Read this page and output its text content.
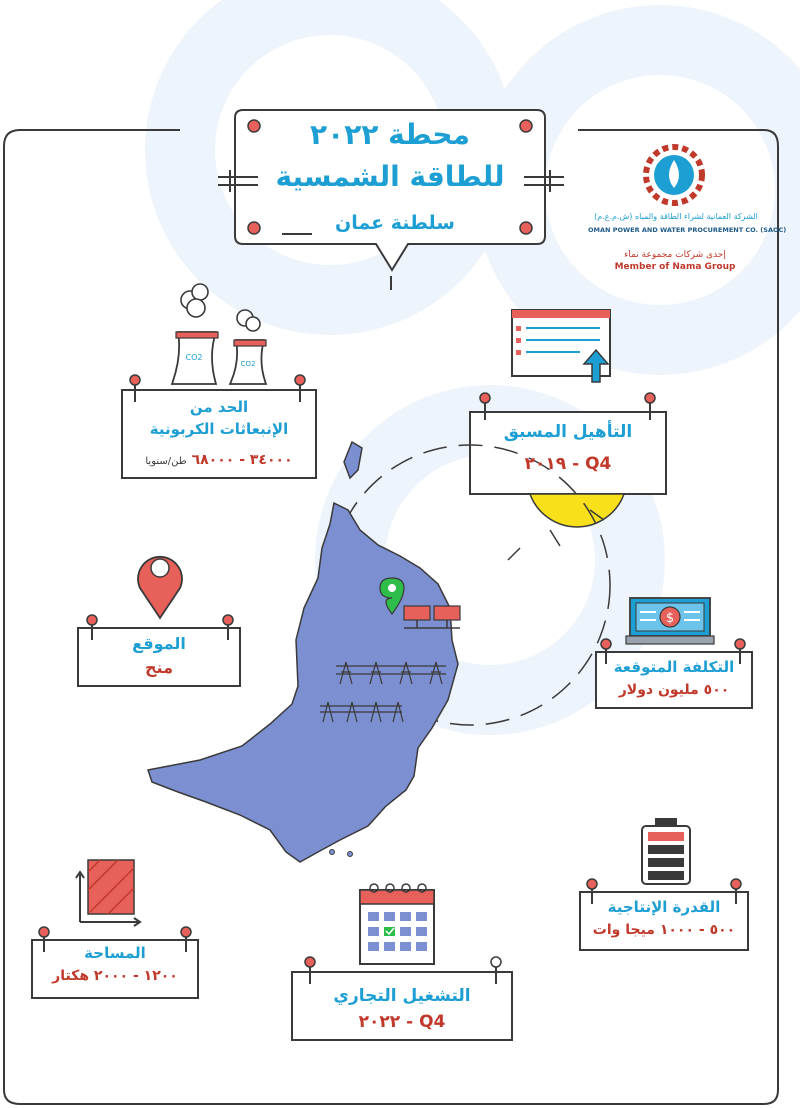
$
CO2
CO2
محطة ٢٠٢٢
للطاقة الشمسية
سلطنة عمان	الشركة العمانية لشراء الطاقة والمياه (ش.م.ع.م)
OMAN POWER AND WATER PROCUREMENT CO. (SAOC)
إحدى شركات مجموعة نماء
Member of Nama Group
الحد من
الإنبعاثات الكربونية
٣٤٠٠٠ - ٦٨٠٠٠ طن/سنويا
التأهيل المسبق
Q4 - ٢٠١٩
الموقع
منح	التكلفة المتوقعة
٥٠٠ مليون دولار
القدرة الإنتاجية
٥٠٠ - ١٠٠٠ ميجا وات
المساحة
١٢٠٠ - ٢٠٠٠ هكتار
التشغيل التجاري
Q4 - ٢٠٢٢
